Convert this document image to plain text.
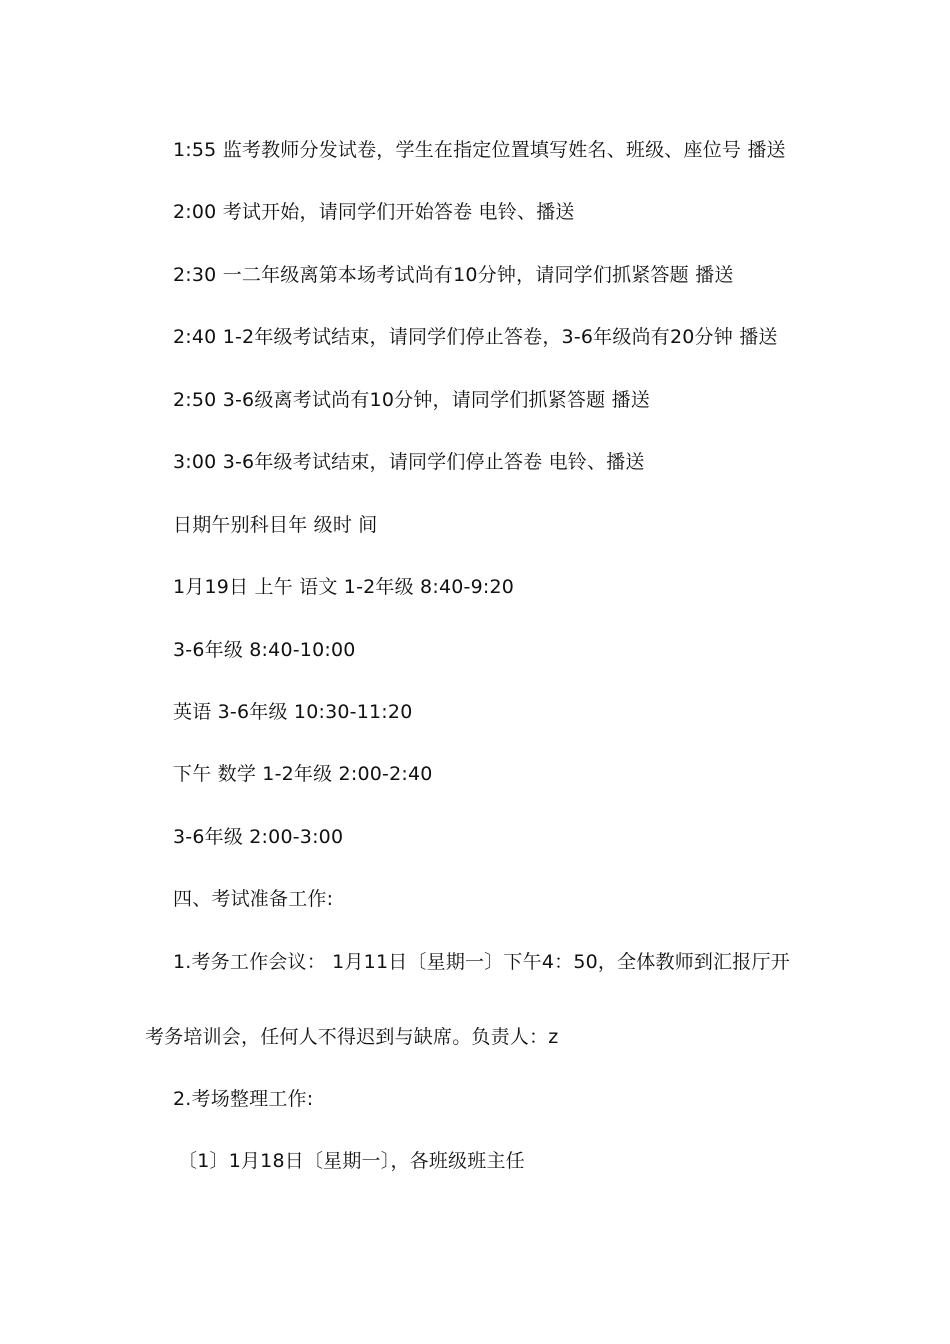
1:55 监考教师分发试卷，学生在指定位置填写姓名、班级、座位号 播送
2:00 考试开始，请同学们开始答卷 电铃、播送
2:30 一二年级离第本场考试尚有10分钟，请同学们抓紧答题 播送
2:40 1-2年级考试结束，请同学们停止答卷，3-6年级尚有20分钟 播送
2:50 3-6级离考试尚有10分钟，请同学们抓紧答题 播送
3:00 3-6年级考试结束，请同学们停止答卷 电铃、播送
日期午别科目年 级时 间
1月19日 上午 语文 1-2年级 8:40-9:20
3-6年级 8:40-10:00
英语 3-6年级 10:30-11:20
下午 数学 1-2年级 2:00-2:40
3-6年级 2:00-3:00
四、考试准备工作:
1.考务工作会议： 1月11日〔星期一〕下午4：50，全体教师到汇报厅开
考务培训会，任何人不得迟到与缺席。负责人：z
2.考场整理工作:
〔1〕1月18日〔星期一〕，各班级班主任
